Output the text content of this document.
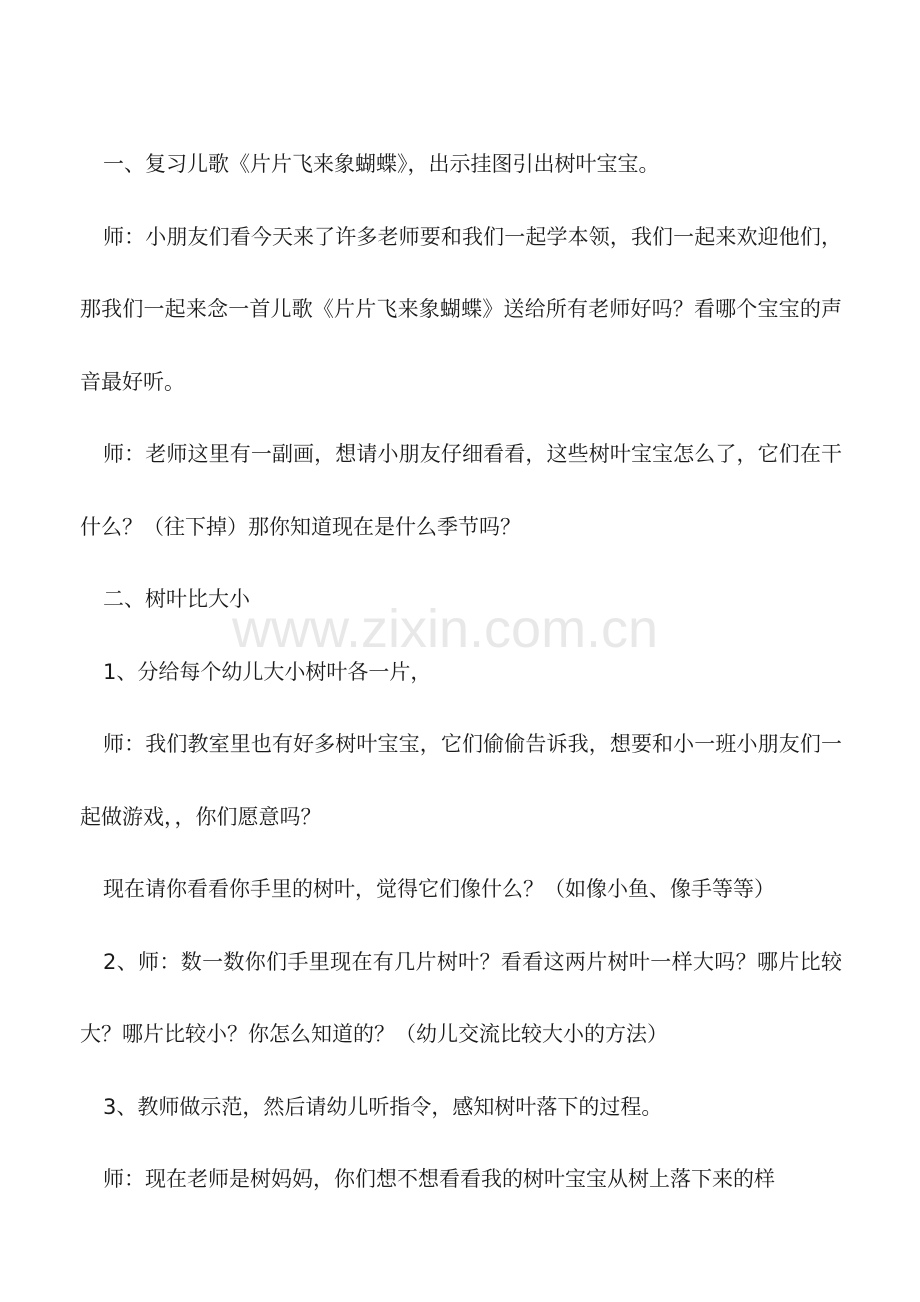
一、复习儿歌《片片飞来象蝴蝶》，出示挂图引出树叶宝宝。

师：小朋友们看今天来了许多老师要和我们一起学本领，我们一起来欢迎他们，那我们一起来念一首儿歌《片片飞来象蝴蝶》送给所有老师好吗？看哪个宝宝的声音最好听。

师：老师这里有一副画，想请小朋友仔细看看，这些树叶宝宝怎么了，它们在干什么？（往下掉）那你知道现在是什么季节吗？

二、树叶比大小

1、分给每个幼儿大小树叶各一片，

师：我们教室里也有好多树叶宝宝，它们偷偷告诉我，想要和小一班小朋友们一起做游戏，，你们愿意吗？

现在请你看看你手里的树叶，觉得它们像什么？（如像小鱼、像手等等）

2、师：数一数你们手里现在有几片树叶？看看这两片树叶一样大吗？哪片比较大？哪片比较小？你怎么知道的？（幼儿交流比较大小的方法）

3、教师做示范，然后请幼儿听指令，感知树叶落下的过程。

师：现在老师是树妈妈，你们想不想看看我的树叶宝宝从树上落下来的样

www.zixin.com.cn
